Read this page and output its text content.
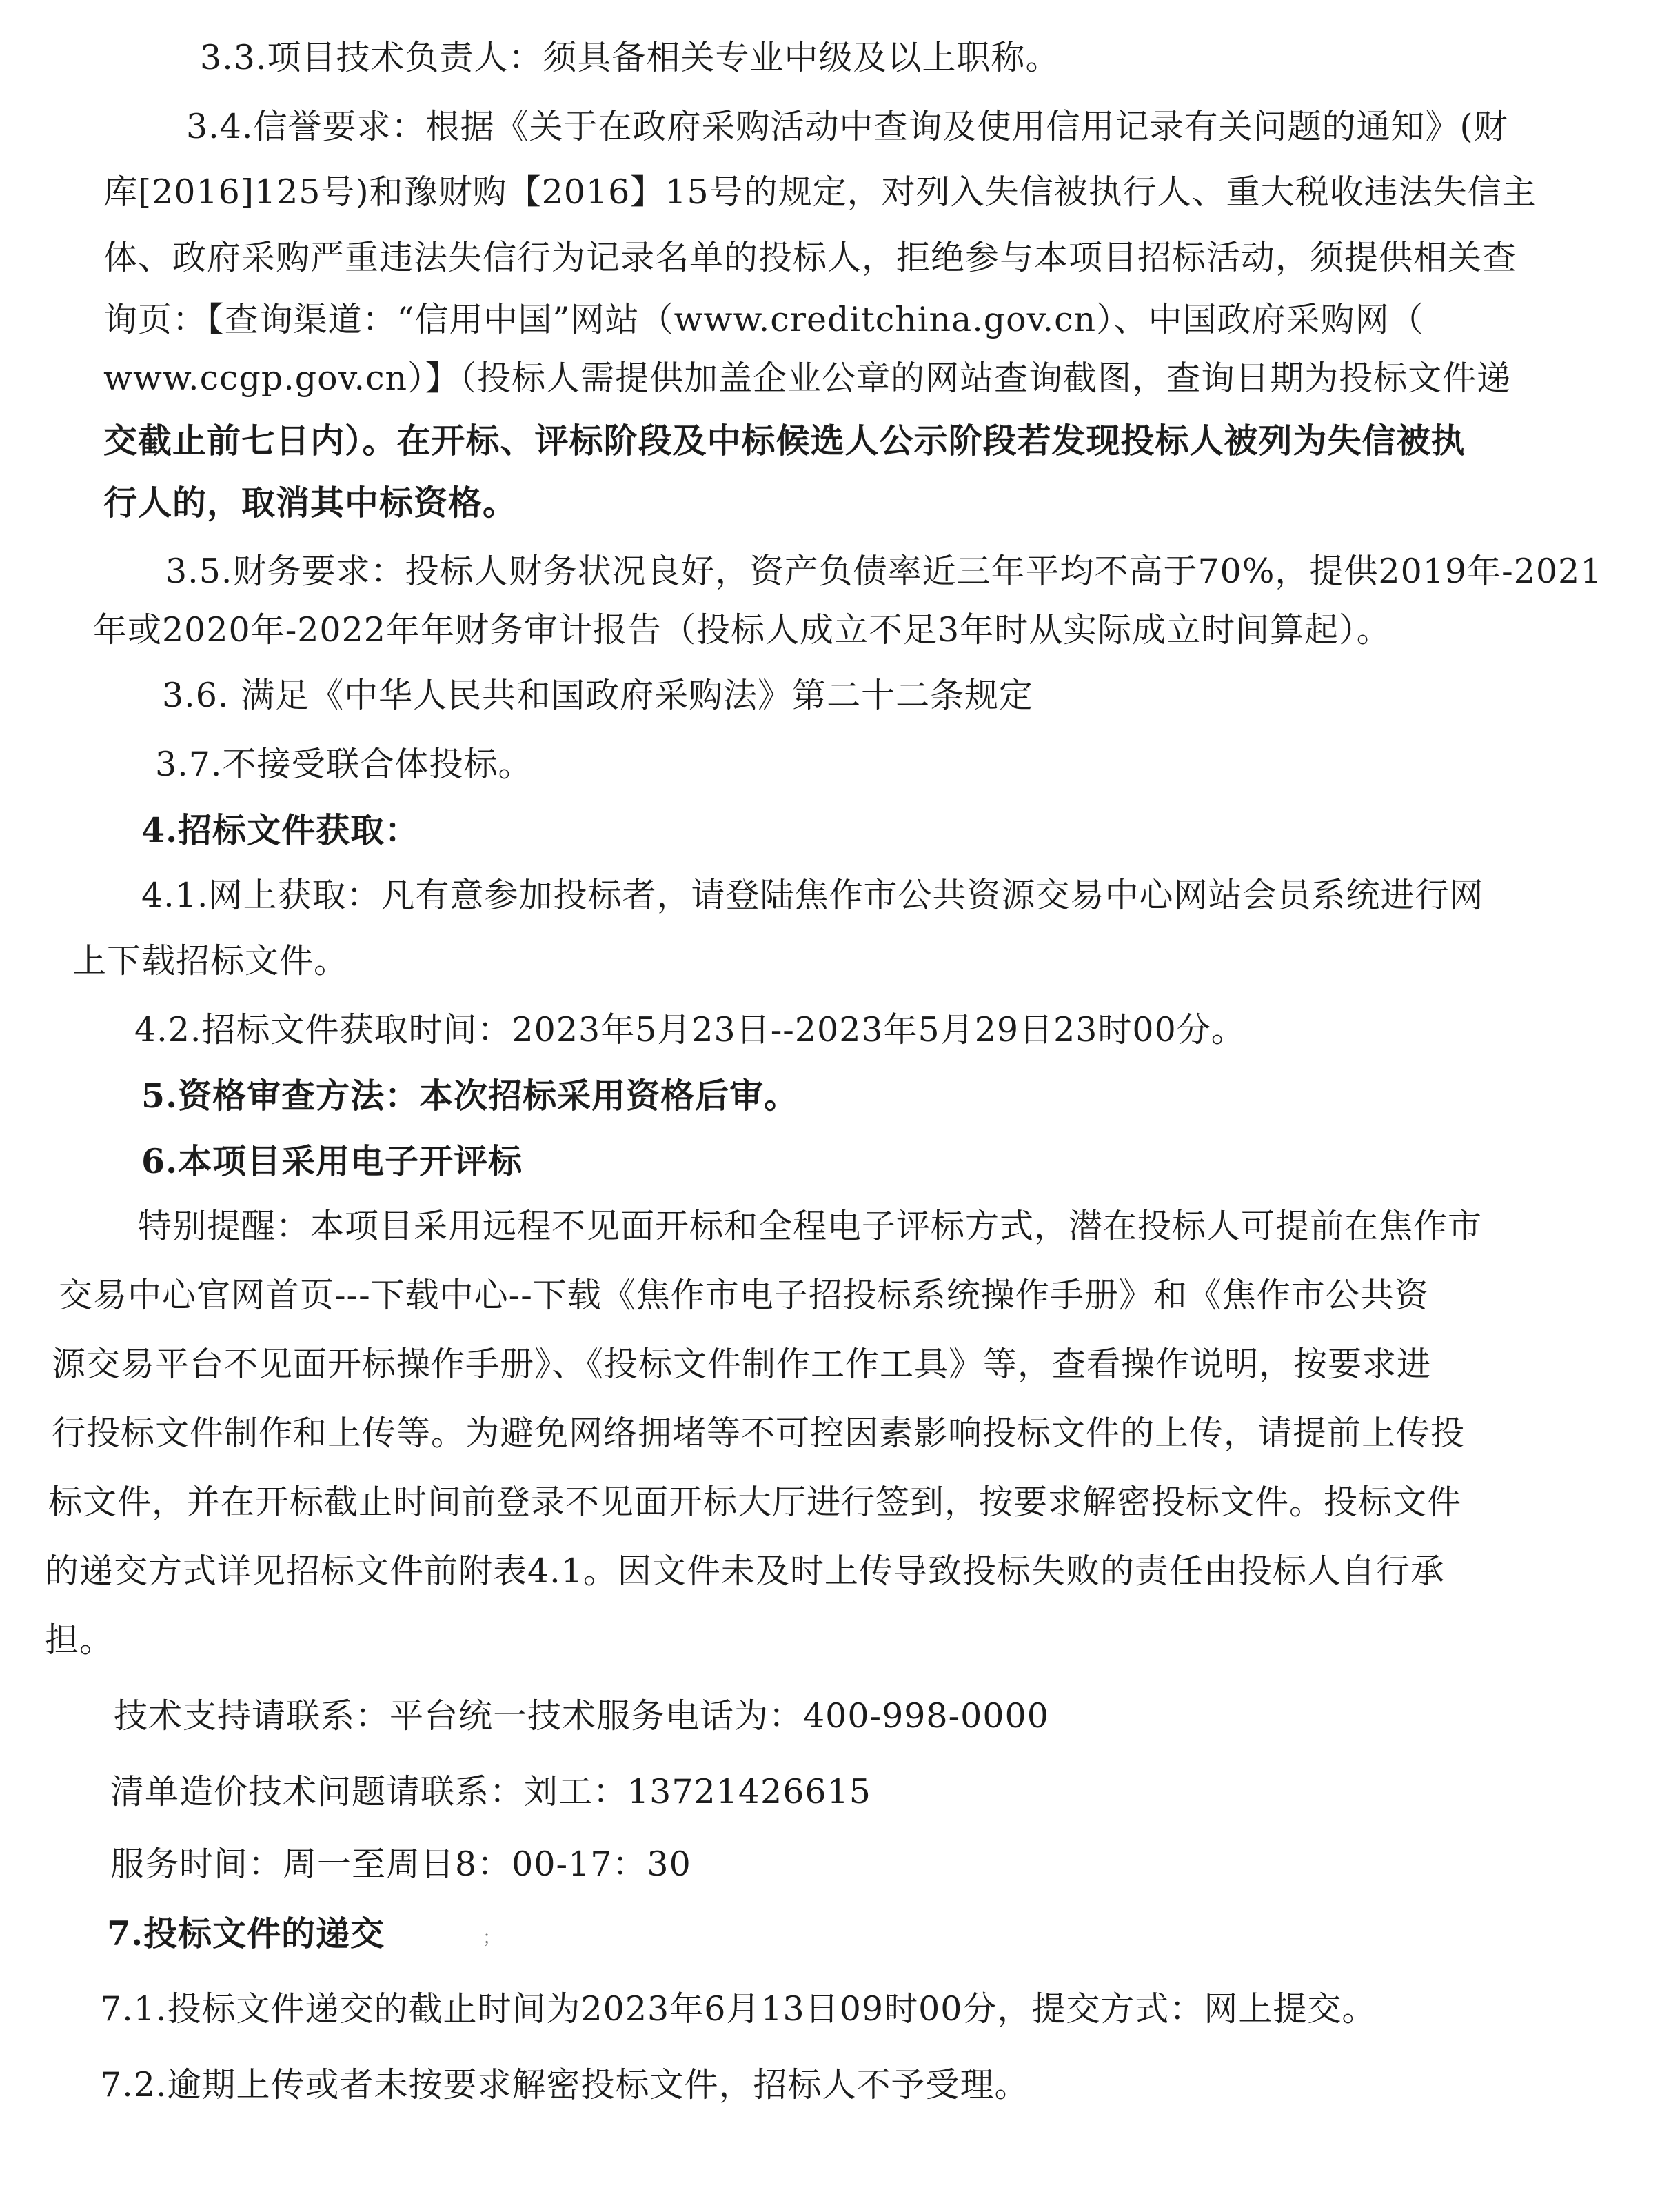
3.3.项目技术负责人：须具备相关专业中级及以上职称。
3.4.信誉要求：根据《关于在政府采购活动中查询及使用信用记录有关问题的通知》(财
库[2016]125号)和豫财购【2016】15号的规定，对列入失信被执行人、重大税收违法失信主
体、政府采购严重违法失信行为记录名单的投标人，拒绝参与本项目招标活动，须提供相关查
询页：【查询渠道：“信用中国”网站（www.creditchina.gov.cn）、中国政府采购网（
www.ccgp.gov.cn）】（投标人需提供加盖企业公章的网站查询截图，查询日期为投标文件递
交截止前七日内）。在开标、评标阶段及中标候选人公示阶段若发现投标人被列为失信被执
行人的，取消其中标资格。
3.5.财务要求：投标人财务状况良好，资产负债率近三年平均不高于70%，提供2019年-2021
年或2020年-2022年年财务审计报告（投标人成立不足3年时从实际成立时间算起）。
3.6. 满足《中华人民共和国政府采购法》第二十二条规定
3.7.不接受联合体投标。
4.招标文件获取：
4.1.网上获取：凡有意参加投标者，请登陆焦作市公共资源交易中心网站会员系统进行网
上下载招标文件。
4.2.招标文件获取时间：2023年5月23日--2023年5月29日23时00分。
5.资格审查方法：本次招标采用资格后审。
6.本项目采用电子开评标
特别提醒：本项目采用远程不见面开标和全程电子评标方式，潜在投标人可提前在焦作市
交易中心官网首页---下载中心--下载《焦作市电子招投标系统操作手册》和《焦作市公共资
源交易平台不见面开标操作手册》、《投标文件制作工作工具》等，查看操作说明，按要求进
行投标文件制作和上传等。为避免网络拥堵等不可控因素影响投标文件的上传，请提前上传投
标文件，并在开标截止时间前登录不见面开标大厅进行签到，按要求解密投标文件。投标文件
的递交方式详见招标文件前附表4.1。因文件未及时上传导致投标失败的责任由投标人自行承
担。
技术支持请联系：平台统一技术服务电话为：400-998-0000
清单造价技术问题请联系：刘工：13721426615
服务时间：周一至周日8：00-17：30
7.投标文件的递交	；
7.1.投标文件递交的截止时间为2023年6月13日09时00分，提交方式：网上提交。
7.2.逾期上传或者未按要求解密投标文件，招标人不予受理。
